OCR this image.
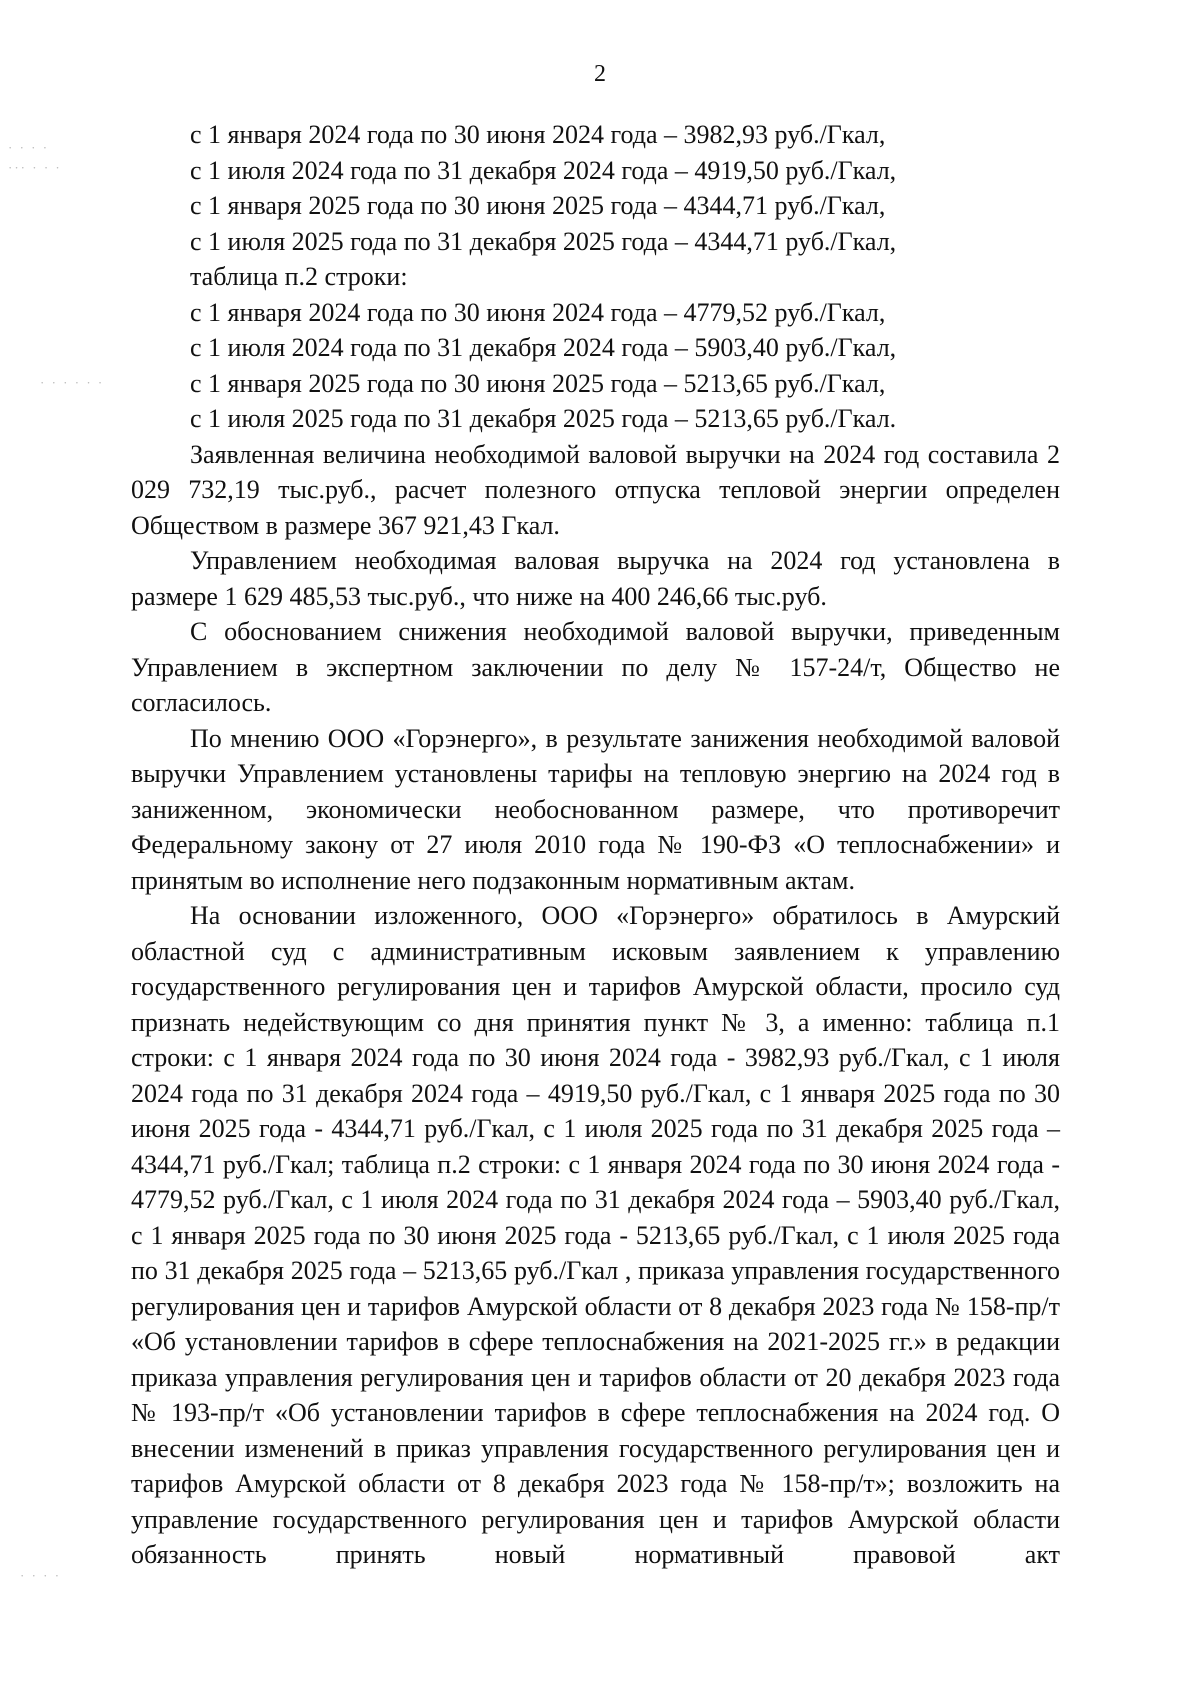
· · · ·
··· · · ·
· · · · · ·
· · · ·
2

с 1 января 2024 года по 30 июня 2024 года – 3982,93 руб./Гкал,

с 1 июля 2024 года по 31 декабря 2024 года – 4919,50 руб./Гкал,

с 1 января 2025 года по 30 июня 2025 года – 4344,71 руб./Гкал,

с 1 июля 2025 года по 31 декабря 2025 года – 4344,71 руб./Гкал,

таблица п.2 строки:

с 1 января 2024 года по 30 июня 2024 года – 4779,52 руб./Гкал,

с 1 июля 2024 года по 31 декабря 2024 года – 5903,40 руб./Гкал,

с 1 января 2025 года по 30 июня 2025 года – 5213,65 руб./Гкал,

с 1 июля 2025 года по 31 декабря 2025 года – 5213,65 руб./Гкал.

Заявленная величина необходимой валовой выручки на 2024 год составила 2 029 732,19 тыс.руб., расчет полезного отпуска тепловой энергии определен Обществом в размере 367 921,43 Гкал.

Управлением необходимая валовая выручка на 2024 год установлена в размере 1 629 485,53 тыс.руб., что ниже на 400 246,66 тыс.руб.

С обоснованием снижения необходимой валовой выручки, приведенным Управлением в экспертном заключении по делу № 157-24/т, Общество не согласилось.

По мнению ООО «Горэнерго», в результате занижения необходимой валовой выручки Управлением установлены тарифы на тепловую энергию на 2024 год в заниженном, экономически необоснованном размере, что противоречит Федеральному закону от 27 июля 2010 года № 190-ФЗ «О теплоснабжении» и принятым во исполнение него подзаконным нормативным актам.

На основании изложенного, ООО «Горэнерго» обратилось в Амурский областной суд с административным исковым заявлением к управлению государственного регулирования цен и тарифов Амурской области, просило суд признать недействующим со дня принятия пункт № 3, а именно: таблица п.1 строки: с 1 января 2024 года по 30 июня 2024 года - 3982,93 руб./Гкал, с 1 июля 2024 года по 31 декабря 2024 года – 4919,50 руб./Гкал, с 1 января 2025 года по 30 июня 2025 года - 4344,71 руб./Гкал, с 1 июля 2025 года по 31 декабря 2025 года – 4344,71 руб./Гкал; таблица п.2 строки: с 1 января 2024 года по 30 июня 2024 года - 4779,52 руб./Гкал, с 1 июля 2024 года по 31 декабря 2024 года – 5903,40 руб./Гкал, с 1 января 2025 года по 30 июня 2025 года - 5213,65 руб./Гкал, с 1 июля 2025 года по 31 декабря 2025 года – 5213,65 руб./Гкал , приказа управления государственного регулирования цен и тарифов Амурской области от 8 декабря 2023 года № 158-пр/т «Об установлении тарифов в сфере теплоснабжения на 2021-2025 гг.» в редакции приказа управления регулирования цен и тарифов области от 20 декабря 2023 года № 193-пр/т «Об установлении тарифов в сфере теплоснабжения на 2024 год. О внесении изменений в приказ управления государственного регулирования цен и тарифов Амурской области от 8 декабря 2023 года № 158-пр/т»; возложить на управление государственного регулирования цен и тарифов Амурской области обязанность принять новый нормативный правовой акт
